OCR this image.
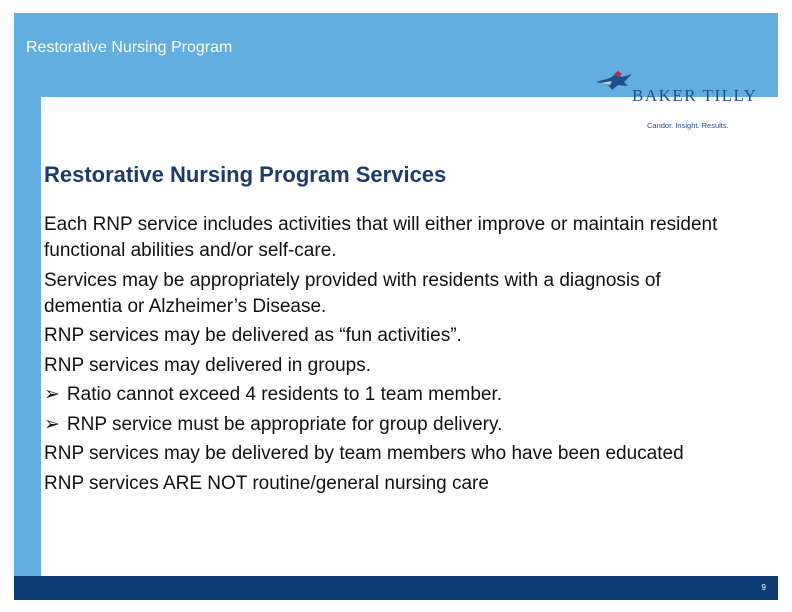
Restorative Nursing Program
BAKER TILLY
Candor. Insight. Results.
9
Restorative Nursing Program Services
Each RNP service includes activities that will either improve or maintain resident functional abilities and/or self-care.
Services may be appropriately provided with residents with a diagnosis of dementia or Alzheimer’s Disease.
RNP services may be delivered as “fun activities”.
RNP services may delivered in groups.
➢ Ratio cannot exceed 4 residents to 1 team member.
➢ RNP service must be appropriate for group delivery.
RNP services may be delivered by team members who have been educated
RNP services ARE NOT routine/general nursing care
